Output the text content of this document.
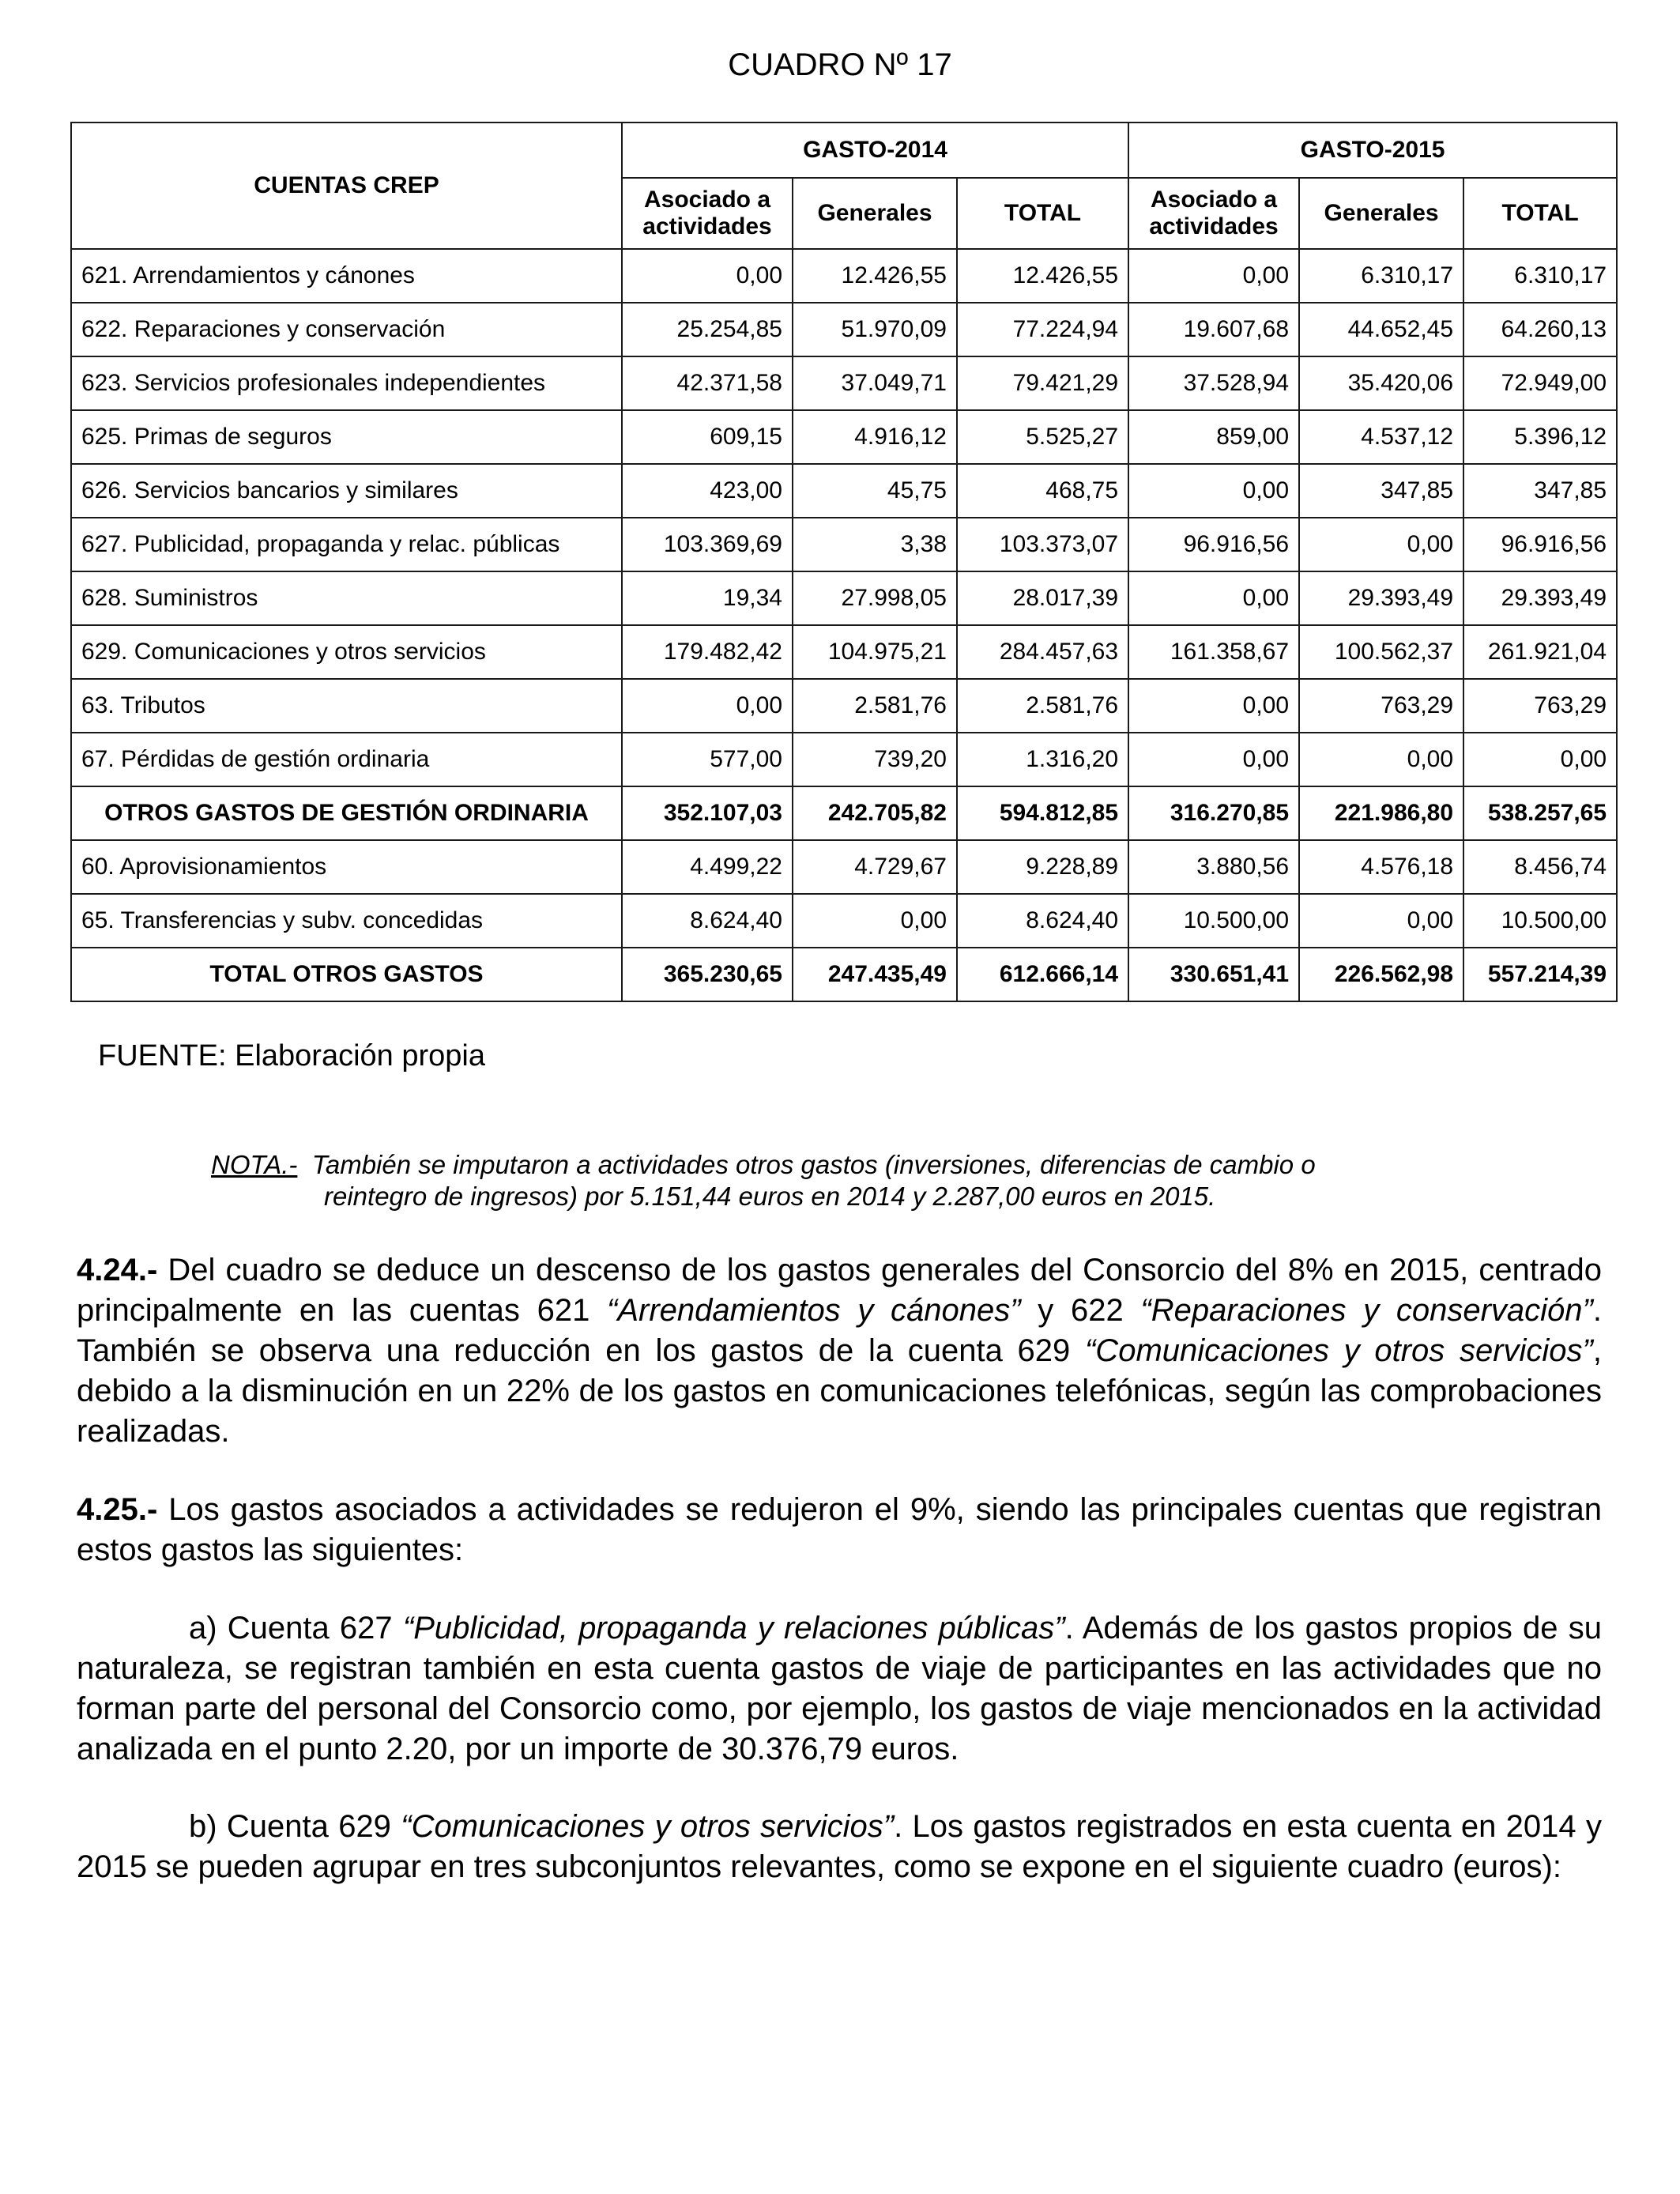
CUADRO Nº 17
CUENTAS CREP	GASTO-2014			GASTO-2015		
	Asociado a actividades	Generales	TOTAL	Asociado a actividades	Generales	TOTAL
621. Arrendamientos y cánones	0,00	12.426,55	12.426,55	0,00	6.310,17	6.310,17
622. Reparaciones y conservación	25.254,85	51.970,09	77.224,94	19.607,68	44.652,45	64.260,13
623. Servicios profesionales independientes	42.371,58	37.049,71	79.421,29	37.528,94	35.420,06	72.949,00
625. Primas de seguros	609,15	4.916,12	5.525,27	859,00	4.537,12	5.396,12
626. Servicios bancarios y similares	423,00	45,75	468,75	0,00	347,85	347,85
627. Publicidad, propaganda y relac. públicas	103.369,69	3,38	103.373,07	96.916,56	0,00	96.916,56
628. Suministros	19,34	27.998,05	28.017,39	0,00	29.393,49	29.393,49
629. Comunicaciones y otros servicios	179.482,42	104.975,21	284.457,63	161.358,67	100.562,37	261.921,04
63. Tributos	0,00	2.581,76	2.581,76	0,00	763,29	763,29
67. Pérdidas de gestión ordinaria	577,00	739,20	1.316,20	0,00	0,00	0,00
OTROS GASTOS DE GESTIÓN ORDINARIA	352.107,03	242.705,82	594.812,85	316.270,85	221.986,80	538.257,65
60. Aprovisionamientos	4.499,22	4.729,67	9.228,89	3.880,56	4.576,18	8.456,74
65. Transferencias y subv. concedidas	8.624,40	0,00	8.624,40	10.500,00	0,00	10.500,00
TOTAL OTROS GASTOS	365.230,65	247.435,49	612.666,14	330.651,41	226.562,98	557.214,39
FUENTE: Elaboración propia
NOTA.-
También se imputaron a actividades otros gastos (inversiones, diferencias de cambio o
reintegro de ingresos) por 5.151,44 euros en 2014 y 2.287,00 euros en 2015.
4.24.- Del cuadro se deduce un descenso de los gastos generales del Consorcio del 8% en 2015, centrado principalmente en las cuentas 621 “Arrendamientos y cánones” y 622 “Reparaciones y conservación”. También se observa una reducción en los gastos de la cuenta 629 “Comunicaciones y otros servicios”, debido a la disminución en un 22% de los gastos en comunicaciones telefónicas, según las comprobaciones realizadas.
4.25.- Los gastos asociados a actividades se redujeron el 9%, siendo las principales cuentas que registran estos gastos las siguientes:
a) Cuenta 627 “Publicidad, propaganda y relaciones públicas”. Además de los gastos propios de su naturaleza, se registran también en esta cuenta gastos de viaje de participantes en las actividades que no forman parte del personal del Consorcio como, por ejemplo, los gastos de viaje mencionados en la actividad analizada en el punto 2.20, por un importe de 30.376,79 euros.
b) Cuenta 629 “Comunicaciones y otros servicios”. Los gastos registrados en esta cuenta en 2014 y 2015 se pueden agrupar en tres subconjuntos relevantes, como se expone en el siguiente cuadro (euros):
